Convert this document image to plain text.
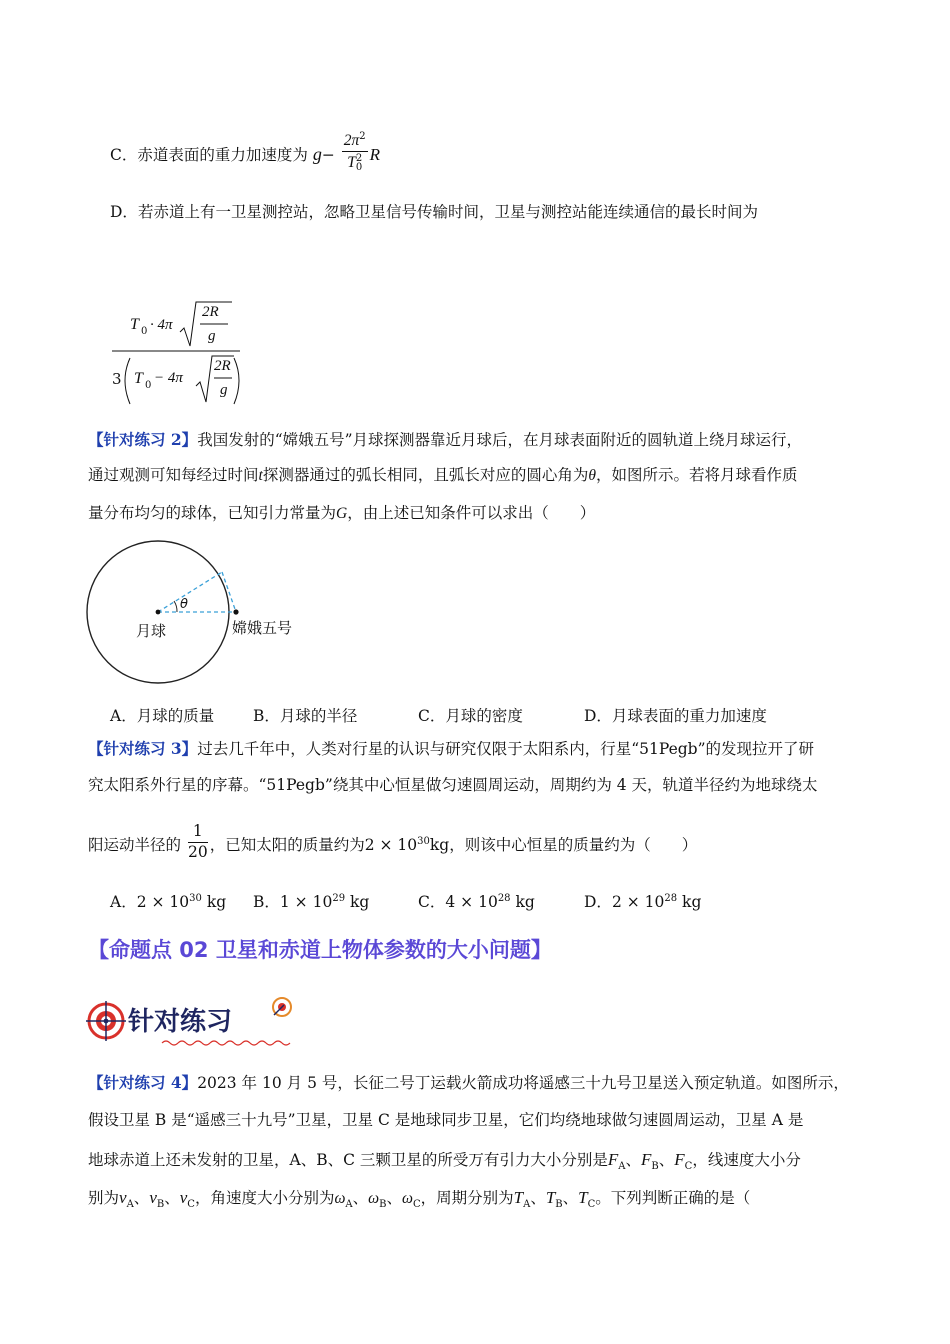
C．赤道表面的重力加速度为 $g- 2\pi^2$
T 2
0 R
D．若赤道上有一卫星测控站，忽略卫星信号传输时间，卫星与测控站能连续通信的最长时间为
T 0 · 4π
2R
g
3 T 0 − 4π
2R
g
【针对练习 2】我国发射的“嫦娥五号”月球探测器靠近月球后，在月球表面附近的圆轨道上绕月球运行，
通过观测可知每经过时间t探测器通过的弧长相同，且弧长对应的圆心角为θ，如图所示。若将月球看作质
量分布均匀的球体，已知引力常量为G，由上述已知条件可以求出（　　）
θ
月球	嫦娥五号
A．月球的质量	B．月球的半径	C．月球的密度	D．月球表面的重力加速度
【针对练习 3】过去几千年中，人类对行星的认识与研究仅限于太阳系内，行星“51Pegb”的发现拉开了研
究太阳系外行星的序幕。“51Pegb”绕其中心恒星做匀速圆周运动，周期约为 4 天，轨道半径约为地球绕太
阳运动半径的 $\frac{1}{20}$ ，已知太阳的质量约为$2 \times 10^{30}kg$，则该中心恒星的质量约为（　　）
A．$2 \times 10^{30}$ kg B．$1 \times 10^{29}$ kg	C．$4 \times 10^{28}$ kg	D．$2 \times 10^{28}$ kg
【命题点 02 卫星和赤道上物体参数的大小问题】
针对练习
【针对练习 4】2023 年 10 月 5 号，长征二号丁运载火箭成功将遥感三十九号卫星送入预定轨道。如图所示，
假设卫星 B 是“遥感三十九号”卫星，卫星 C 是地球同步卫星，它们均绕地球做匀速圆周运动，卫星 A 是
地球赤道上还未发射的卫星，A、B、C 三颗卫星的所受万有引力大小分别是$F_A$、$F_B$、$F_C$，线速度大小分
别为$v_A$、$v_B$、$v_C$，角速度大小分别为$\omega_A$、$\omega_B$、$\omega_C$，周期分别为$T_A$、$T_B$、$T_C$。下列判断正确的是（
